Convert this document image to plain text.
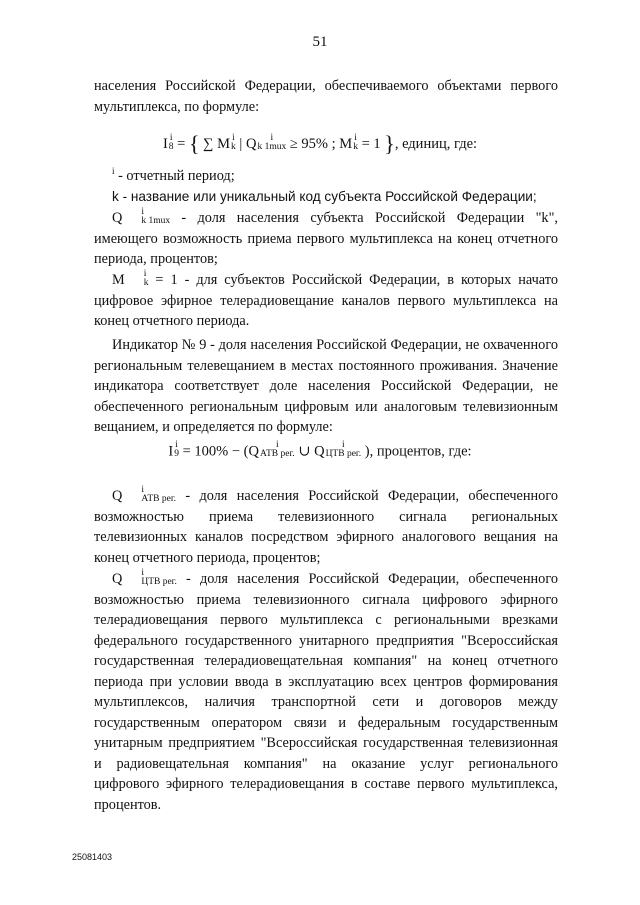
51
населения Российской Федерации, обеспечиваемого объектами первого мультиплекса, по формуле:
I i
8 = { ∑ M i
k | Q	i
k 1mux ≥ 95% ; M i
k = 1 }, единиц, где:
$^i$ - отчетный период;
k - название или уникальный код субъекта Российской Федерации;
Q	i
k 1mux - доля населения субъекта Российской Федерации "k", имеющего возможность приема первого мультиплекса на конец отчетного периода, процентов;
M	i
k = 1 - для субъектов Российской Федерации, в которых начато цифровое эфирное телерадиовещание каналов первого мультиплекса на конец отчетного периода.
Индикатор № 9 - доля населения Российской Федерации, не охваченного региональным телевещанием в местах постоянного проживания. Значение индикатора соответствует доле населения Российской Федерации, не обеспеченного региональным цифровым или аналоговым телевизионным вещанием, и определяется по формуле:
I i
9 = 100% − (Q	i
АТВ рег. ∪ Q	i
ЦТВ рег. ), процентов, где:
Q	i
АТВ рег. - доля населения Российской Федерации, обеспеченного возможностью приема телевизионного сигнала региональных телевизионных каналов посредством эфирного аналогового вещания на конец отчетного периода, процентов;
Q	i
ЦТВ рег. - доля населения Российской Федерации, обеспеченного возможностью приема телевизионного сигнала цифрового эфирного телерадиовещания первого мультиплекса с региональными врезками федерального государственного унитарного предприятия "Всероссийская государственная телерадиовещательная компания" на конец отчетного периода при условии ввода в эксплуатацию всех центров формирования мультиплексов, наличия транспортной сети и договоров между государственным оператором связи и федеральным государственным унитарным предприятием "Всероссийская государственная телевизионная и радиовещательная компания" на оказание услуг регионального цифрового эфирного телерадиовещания в составе первого мультиплекса, процентов.
25081403
